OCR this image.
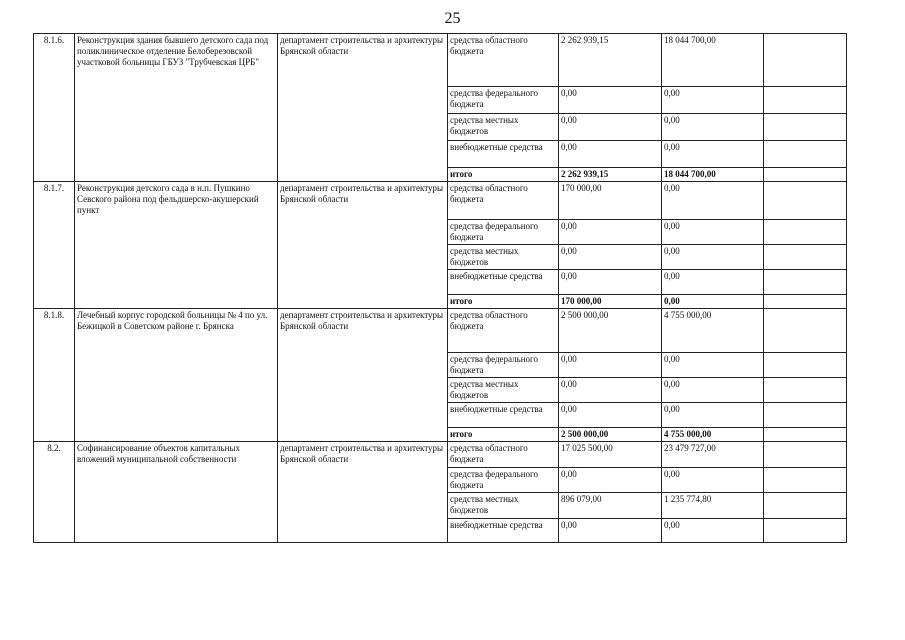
25
8.1.6.	Реконструкция здания бывшего детского сада под поликлиническое отделение Белоберезовской участковой больницы ГБУЗ "Трубчевская ЦРБ"	департамент строительства и архитектуры Брянской области	средства областного бюджета	2 262 939,15	18 044 700,00	
			средства федерального бюджета	0,00	0,00	
			средства местных бюджетов	0,00	0,00	
			внебюджетные средства	0,00	0,00	
			итого	2 262 939,15	18 044 700,00	
8.1.7.	Реконструкция детского сада в н.п. Пушкино Севского района под фельдшерско-акушерский пункт	департамент строительства и архитектуры Брянской области	средства областного бюджета	170 000,00	0,00	
			средства федерального бюджета	0,00	0,00	
			средства местных бюджетов	0,00	0,00	
			внебюджетные средства	0,00	0,00	
			итого	170 000,00	0,00	
8.1.8.	Лечебный корпус городской больницы № 4 по ул. Бежицкой в Советском районе г. Брянска	департамент строительства и архитектуры Брянской области	средства областного бюджета	2 500 000,00	4 755 000,00	
			средства федерального бюджета	0,00	0,00	
			средства местных бюджетов	0,00	0,00	
			внебюджетные средства	0,00	0,00	
			итого	2 500 000,00	4 755 000,00	
8.2.	Софинансирование объектов капитальных вложений муниципальной собственности	департамент строительства и архитектуры Брянской области	средства областного бюджета	17 025 500,00	23 479 727,00	
			средства федерального бюджета	0,00	0,00	
			средства местных бюджетов	896 079,00	1 235 774,80	
			внебюджетные средства	0,00	0,00	
